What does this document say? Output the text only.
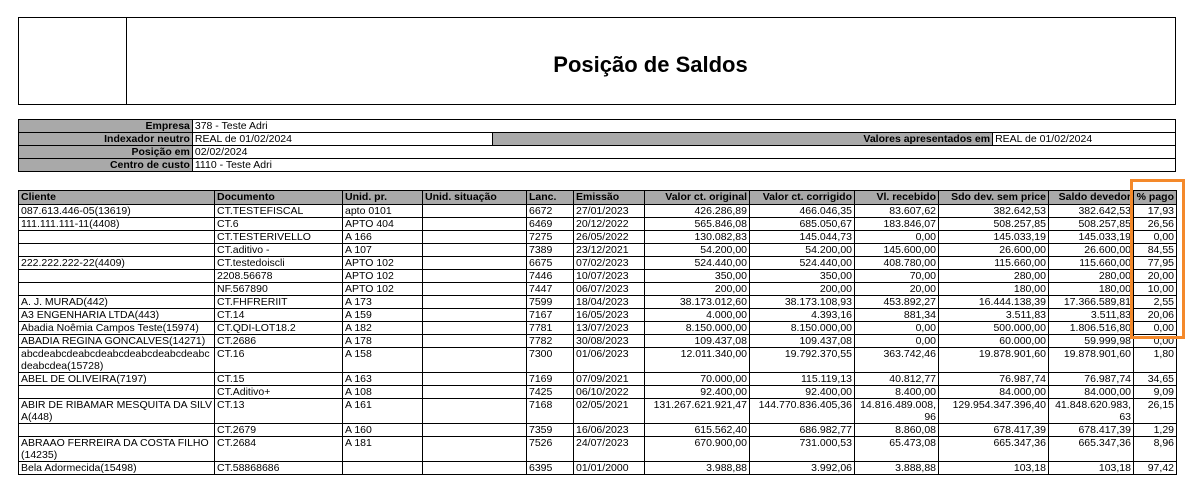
Posição de Saldos
Empresa	378 - Teste Adri		
Indexador neutro	REAL de 01/02/2024	Valores apresentados em	REAL de 01/02/2024
Posição em	02/02/2024		
Centro de custo	1110 - Teste Adri		
Cliente	Documento	Unid. pr.	Unid. situação	Lanc.	Emissão	Valor ct. original	Valor ct. corrigido	Vl. recebido	Sdo dev. sem price	Saldo devedor	% pago
087.613.446-05(13619)	CT.TESTEFISCAL	apto 0101		6672	27/01/2023	426.286,89	466.046,35	83.607,62	382.642,53	382.642,53	17,93
111.111.111-11(4408)	CT.6	APTO 404		6469	20/12/2022	565.846,08	685.050,67	183.846,07	508.257,85	508.257,85	26,56
	CT.TESTERIVELLO	A 166		7275	26/05/2022	130.082,83	145.044,73	0,00	145.033,19	145.033,19	0,00
	CT.aditivo -	A 107		7389	23/12/2021	54.200,00	54.200,00	145.600,00	26.600,00	26.600,00	84,55
222.222.222-22(4409)	CT.testedoiscli	APTO 102		6675	07/02/2023	524.440,00	524.440,00	408.780,00	115.660,00	115.660,00	77,95
	2208.56678	APTO 102		7446	10/07/2023	350,00	350,00	70,00	280,00	280,00	20,00
	NF.567890	APTO 102		7447	06/07/2023	200,00	200,00	20,00	180,00	180,00	10,00
A. J. MURAD(442)	CT.FHFRERIIT	A 173		7599	18/04/2023	38.173.012,60	38.173.108,93	453.892,27	16.444.138,39	17.366.589,81	2,55
A3 ENGENHARIA LTDA(443)	CT.14	A 159		7167	16/05/2023	4.000,00	4.393,16	881,34	3.511,83	3.511,83	20,06
Abadia Noêmia Campos Teste(15974)	CT.QDI-LOT18.2	A 182		7781	13/07/2023	8.150.000,00	8.150.000,00	0,00	500.000,00	1.806.516,80	0,00
ABADIA REGINA GONCALVES(14271)	CT.2686	A 178		7782	30/08/2023	109.437,08	109.437,08	0,00	60.000,00	59.999,98	0,00
abcdeabcdeabcdeabcdeabcdeabcdeabcdeabcdea(15728)	CT.16	A 158		7300	01/06/2023	12.011.340,00	19.792.370,55	363.742,46	19.878.901,60	19.878.901,60	1,80
ABEL DE OLIVEIRA(7197)	CT.15	A 163		7169	07/09/2021	70.000,00	115.119,13	40.812,77	76.987,74	76.987,74	34,65
	CT.Aditivo+	A 108		7425	06/10/2022	92.400,00	92.400,00	8.400,00	84.000,00	84.000,00	9,09
ABIR DE RIBAMAR MESQUITA DA SILVA(448)	CT.13	A 161		7168	02/05/2021	131.267.621.921,47	144.770.836.405,36	14.816.489.008,96	129.954.347.396,40	41.848.620.983,63	26,15
	CT.2679	A 160		7359	16/06/2023	615.562,40	686.982,77	8.860,08	678.417,39	678.417,39	1,29
ABRAAO FERREIRA DA COSTA FILHO(14235)	CT.2684	A 181		7526	24/07/2023	670.900,00	731.000,53	65.473,08	665.347,36	665.347,36	8,96
Bela Adormecida(15498)	CT.58868686			6395	01/01/2000	3.988,88	3.992,06	3.888,88	103,18	103,18	97,42
